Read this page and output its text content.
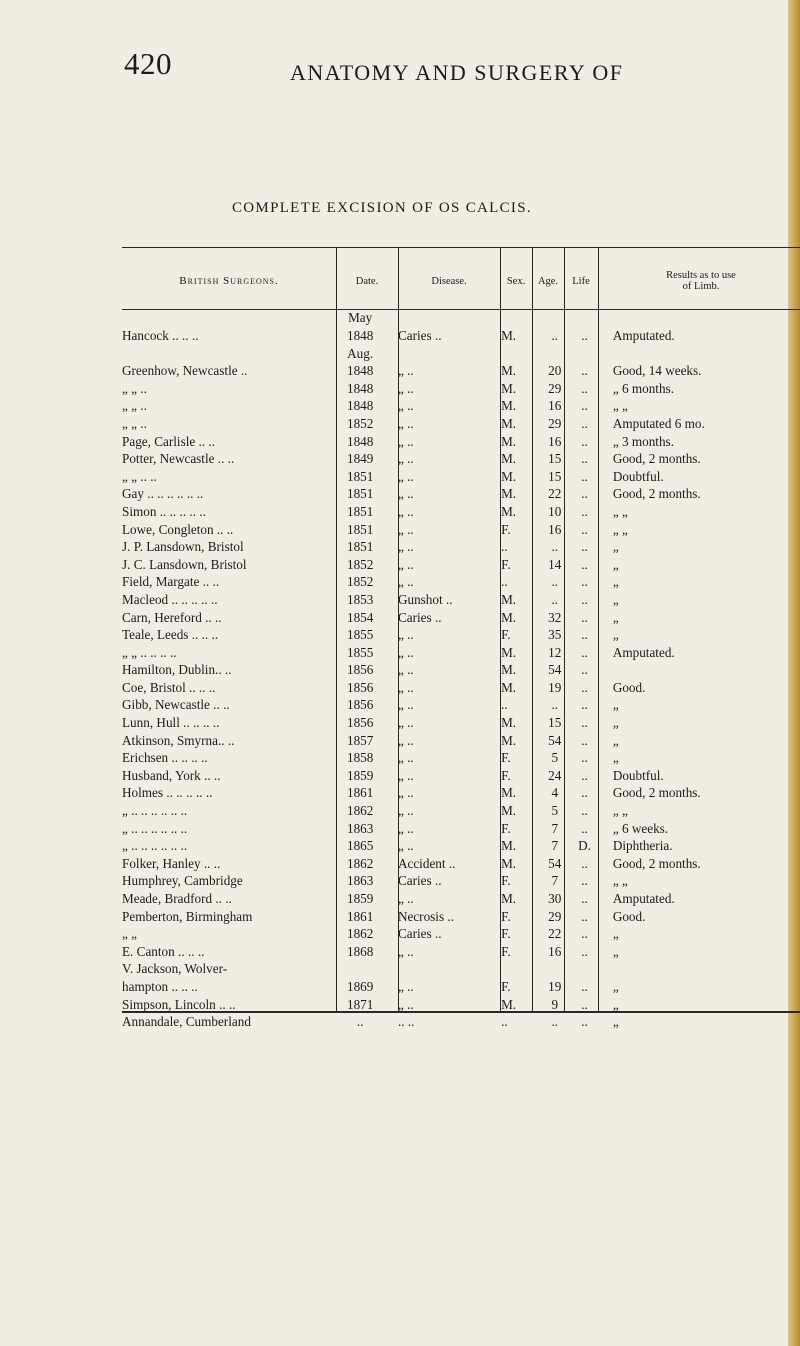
420	ANATOMY AND SURGERY OF
COMPLETE EXCISION OF OS CALCIS.
British Surgeons.	Date.	Disease.	Sex.	Age.	Life
Results as to use
of Limb.
	May					
Hancock .. .. ..	1848	Caries ..	M.	..	..	Amputated.
	Aug.					
Greenhow, Newcastle ..	1848	„ ..	M.	20	..	Good, 14 weeks.
„ „ ..	1848	„ ..	M.	29	..	„ 6 months.
„ „ ..	1848	„ ..	M.	16	..	„ „
„ „ ..	1852	„ ..	M.	29	..	Amputated 6 mo.
Page, Carlisle .. ..	1848	„ ..	M.	16	..	„ 3 months.
Potter, Newcastle .. ..	1849	„ ..	M.	15	..	Good, 2 months.
„ „ .. ..	1851	„ ..	M.	15	..	Doubtful.
Gay .. .. .. .. .. ..	1851	„ ..	M.	22	..	Good, 2 months.
Simon .. .. .. .. ..	1851	„ ..	M.	10	..	„ „
Lowe, Congleton .. ..	1851	„ ..	F.	16	..	„ „
J. P. Lansdown, Bristol	1851	„ ..	..	..	..	„
J. C. Lansdown, Bristol	1852	„ ..	F.	14	..	„
Field, Margate .. ..	1852	„ ..	..	..	..	„
Macleod .. .. .. .. ..	1853	Gunshot ..	M.	..	..	„
Carn, Hereford .. ..	1854	Caries ..	M.	32	..	„
Teale, Leeds .. .. ..	1855	„ ..	F.	35	..	„
„ „ .. .. .. ..	1855	„ ..	M.	12	..	Amputated.
Hamilton, Dublin.. ..	1856	„ ..	M.	54	..	
Coe, Bristol .. .. ..	1856	„ ..	M.	19	..	Good.
Gibb, Newcastle .. ..	1856	„ ..	..	..	..	„
Lunn, Hull .. .. .. ..	1856	„ ..	M.	15	..	„
Atkinson, Smyrna.. ..	1857	„ ..	M.	54	..	„
Erichsen .. .. .. ..	1858	„ ..	F.	5	..	„
Husband, York .. ..	1859	„ ..	F.	24	..	Doubtful.
Holmes .. .. .. .. ..	1861	„ ..	M.	4	..	Good, 2 months.
„ .. .. .. .. .. ..	1862	„ ..	M.	5	..	„ „
„ .. .. .. .. .. ..	1863	„ ..	F.	7	..	„ 6 weeks.
„ .. .. .. .. .. ..	1865	„ ..	M.	7	D.	Diphtheria.
Folker, Hanley .. ..	1862	Accident ..	M.	54	..	Good, 2 months.
Humphrey, Cambridge	1863	Caries ..	F.	7	..	„ „
Meade, Bradford .. ..	1859	„ ..	M.	30	..	Amputated.
Pemberton, Birmingham	1861	Necrosis ..	F.	29	..	Good.
„ „	1862	Caries ..	F.	22	..	„
E. Canton .. .. ..	1868	„ ..	F.	16	..	„
V. Jackson, Wolver-						
hampton .. .. ..	1869	„ ..	F.	19	..	„
Simpson, Lincoln .. ..	1871	„ ..	M.	9	..	„
Annandale, Cumberland	..	.. ..	..	..	..	„
